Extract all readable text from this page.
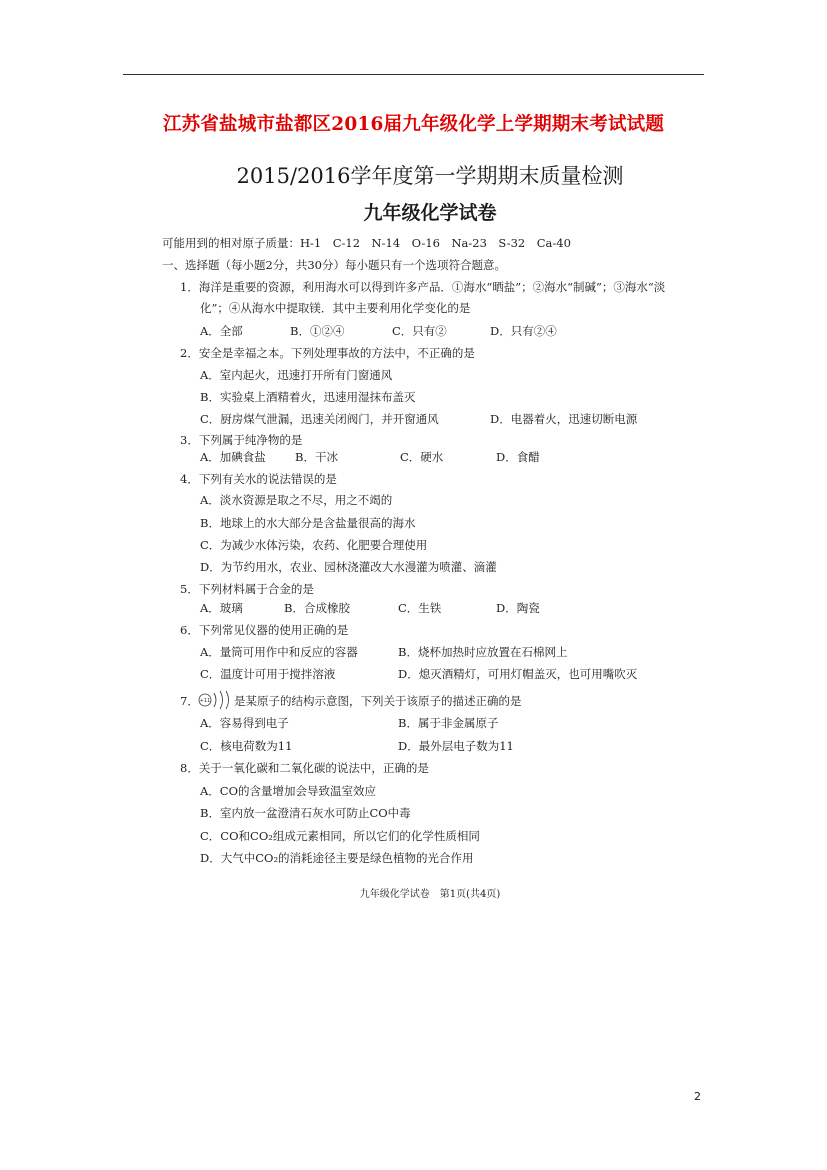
江苏省盐城市盐都区2016届九年级化学上学期期末考试试题
2015/2016学年度第一学期期末质量检测
九年级化学试卷
可能用到的相对原子质量：H-1　C-12　N-14　O-16　Na-23　S-32　Ca-40
一、选择题（每小题2分，共30分）每小题只有一个选项符合题意。
1．海洋是重要的资源，利用海水可以得到许多产品．①海水“晒盐”；②海水“制碱”；③海水“淡
化”；④从海水中提取镁．其中主要利用化学变化的是
A．全部	B．①②④	C．只有②	D．只有②④
2．安全是幸福之本。下列处理事故的方法中，不正确的是
A．室内起火，迅速打开所有门窗通风
B．实验桌上酒精着火，迅速用湿抹布盖灭
C．厨房煤气泄漏，迅速关闭阀门，并开窗通风	D．电器着火，迅速切断电源
3．下列属于纯净物的是
A．加碘食盐	B．干冰	C．硬水	D．食醋
4．下列有关水的说法错误的是
A．淡水资源是取之不尽，用之不竭的
B．地球上的水大部分是含盐量很高的海水
C．为减少水体污染，农药、化肥要合理使用
D．为节约用水，农业、园林浇灌改大水漫灌为喷灌、滴灌
5．下列材料属于合金的是
A．玻璃	B．合成橡胶	C．生铁	D．陶瓷
6．下列常见仪器的使用正确的是
A．量筒可用作中和反应的容器	B．烧杯加热时应放置在石棉网上
C．温度计可用于搅拌溶液	D．熄灭酒精灯，可用灯帽盖灭，也可用嘴吹灭
7． +11 是某原子的结构示意图，下列关于该原子的描述正确的是
A．容易得到电子	B．属于非金属原子
C．核电荷数为11	D．最外层电子数为11
8．关于一氧化碳和二氧化碳的说法中，正确的是
A．CO的含量增加会导致温室效应
B．室内放一盆澄清石灰水可防止CO中毒
C．CO和CO₂组成元素相同，所以它们的化学性质相同
D．大气中CO₂的消耗途径主要是绿色植物的光合作用
九年级化学试卷　第1页(共4页)
2
